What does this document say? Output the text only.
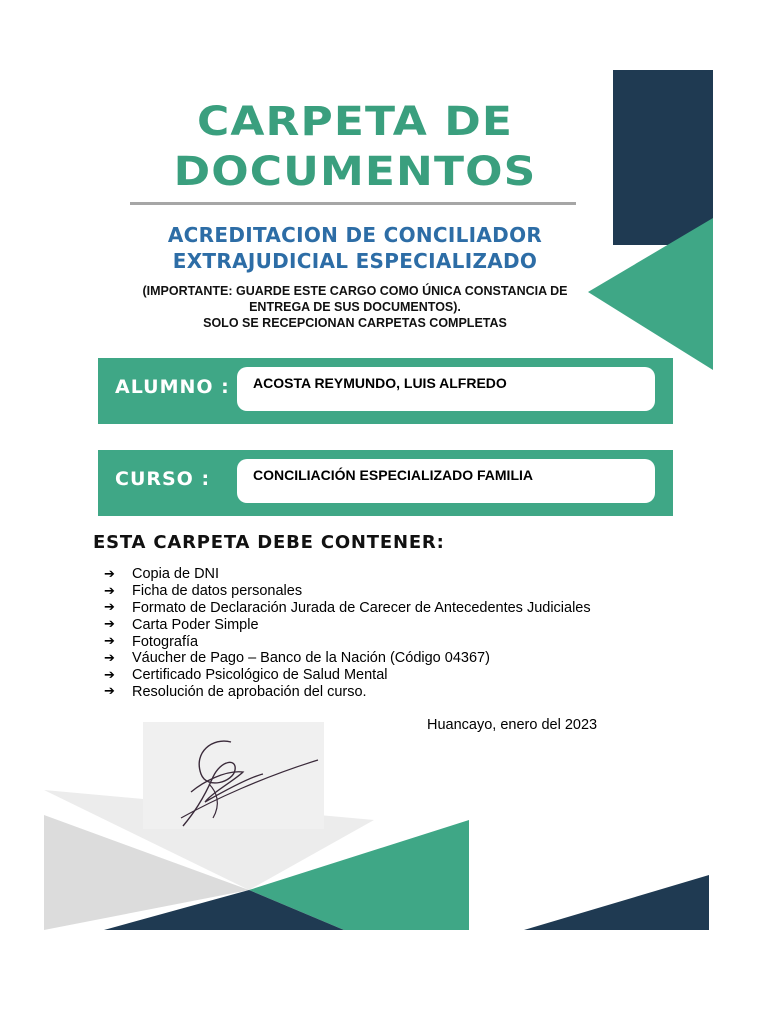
CARPETA DE
DOCUMENTOS
ACREDITACION DE CONCILIADOR
EXTRAJUDICIAL ESPECIALIZADO
(IMPORTANTE: GUARDE ESTE CARGO COMO ÚNICA CONSTANCIA DE
ENTREGA DE SUS DOCUMENTOS).
SOLO SE RECEPCIONAN CARPETAS COMPLETAS
ALUMNO : ACOSTA REYMUNDO, LUIS ALFREDO
CURSO :	CONCILIACIÓN ESPECIALIZADO FAMILIA
ESTA CARPETA DEBE CONTENER:
➔	Copia de DNI
➔	Ficha de datos personales
➔	Formato de Declaración Jurada de Carecer de Antecedentes Judiciales
➔	Carta Poder Simple
➔	Fotografía
➔	Váucher de Pago – Banco de la Nación (Código 04367)
➔	Certificado Psicológico de Salud Mental
➔	Resolución de aprobación del curso.
Huancayo, enero del 2023
